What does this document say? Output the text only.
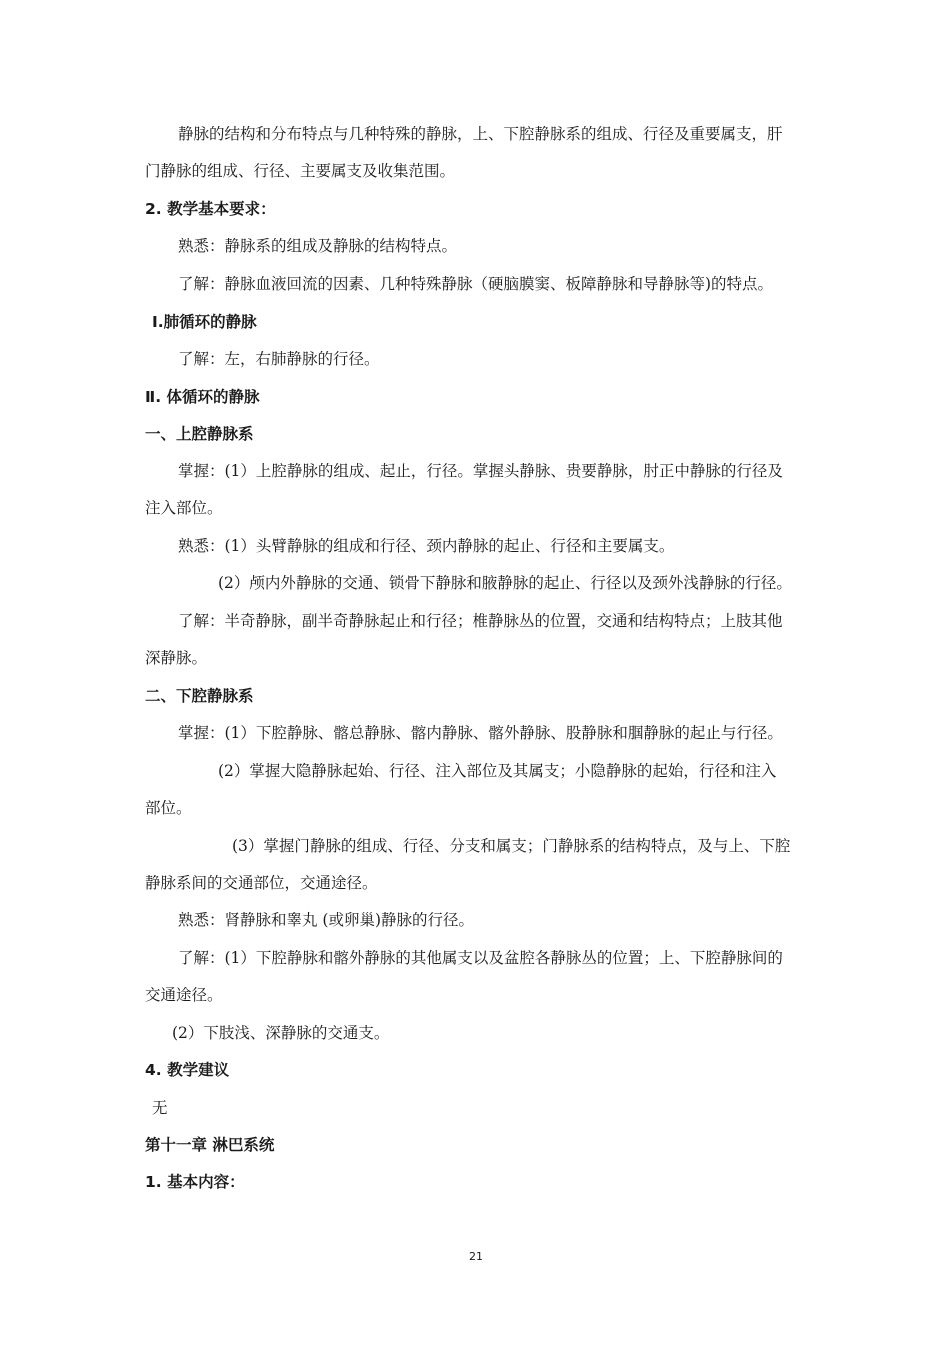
静脉的结构和分布特点与几种特殊的静脉，上、下腔静脉系的组成、行径及重要属支，肝
门静脉的组成、行径、主要属支及收集范围。
2. 教学基本要求：
熟悉：静脉系的组成及静脉的结构特点。
了解：静脉血液回流的因素、几种特殊静脉（硬脑膜窦、板障静脉和导静脉等)的特点。
Ⅰ.肺循环的静脉
了解：左，右肺静脉的行径。
Ⅱ. 体循环的静脉
一、上腔静脉系
掌握：(1）上腔静脉的组成、起止，行径。掌握头静脉、贵要静脉，肘正中静脉的行径及
注入部位。
熟悉：(1）头臂静脉的组成和行径、颈内静脉的起止、行径和主要属支。
(2）颅内外静脉的交通、锁骨下静脉和腋静脉的起止、行径以及颈外浅静脉的行径。
了解：半奇静脉，副半奇静脉起止和行径；椎静脉丛的位置，交通和结构特点；上肢其他
深静脉。
二、下腔静脉系
掌握：(1）下腔静脉、髂总静脉、髂内静脉、髂外静脉、股静脉和腘静脉的起止与行径。
(2）掌握大隐静脉起始、行径、注入部位及其属支；小隐静脉的起始，行径和注入
部位。
(3）掌握门静脉的组成、行径、分支和属支；门静脉系的结构特点，及与上、下腔
静脉系间的交通部位，交通途径。
熟悉：肾静脉和睾丸 (或卵巢)静脉的行径。
了解：(1）下腔静脉和髂外静脉的其他属支以及盆腔各静脉丛的位置；上、下腔静脉间的
交通途径。
(2）下肢浅、深静脉的交通支。
4. 教学建议
无
第十一章 淋巴系统
1. 基本内容：
21
